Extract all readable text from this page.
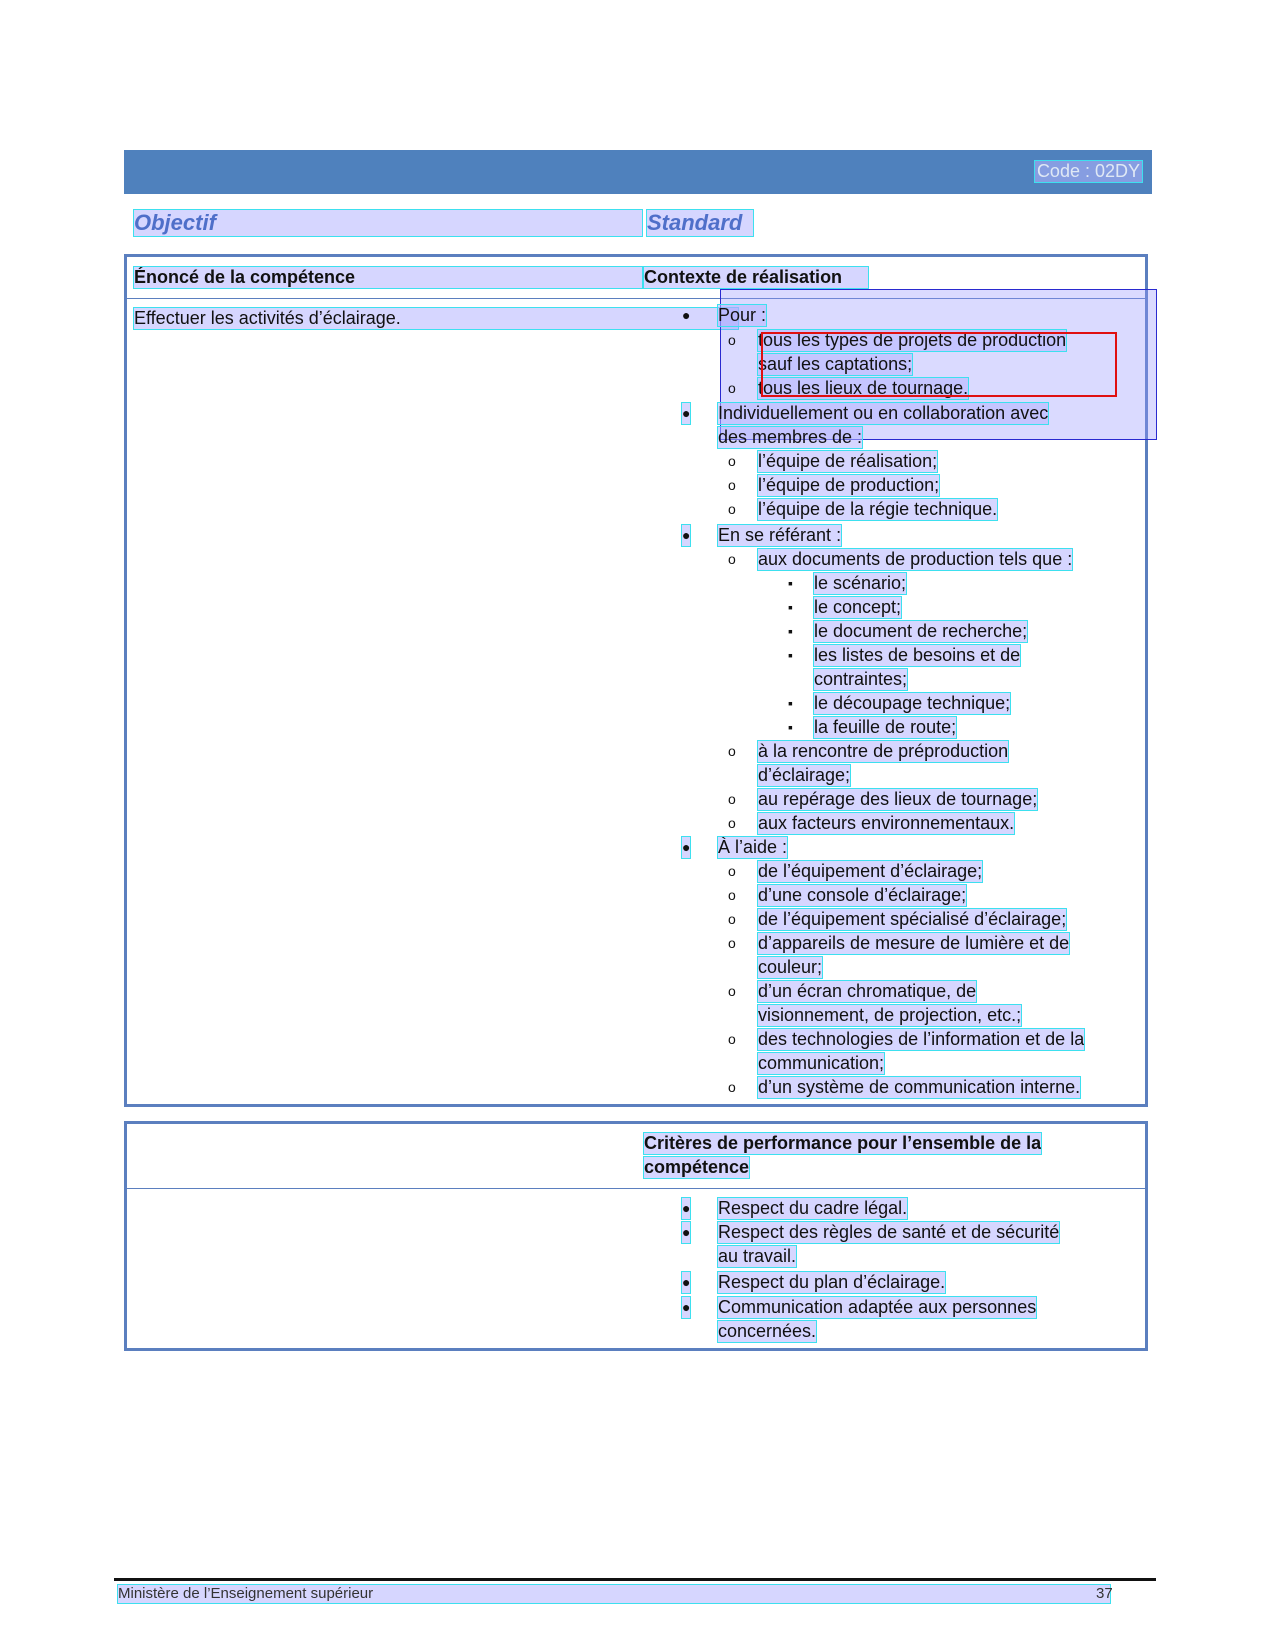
Code : 02DY
Objectif	Standard
Énoncé de la compétence	Contexte de réalisation
Effectuer les activités d’éclairage.	● Pour :
o tous les types de projets de production
sauf les captations;
o tous les lieux de tournage.
● Individuellement ou en collaboration avec
des membres de :
o l’équipe de réalisation;
o l’équipe de production;
o l’équipe de la régie technique.
● En se référant :
o aux documents de production tels que :
▪ le scénario;
▪ le concept;
▪ le document de recherche;
▪ les listes de besoins et de
contraintes;
▪ le découpage technique;
▪ la feuille de route;
o à la rencontre de préproduction
d’éclairage;
o au repérage des lieux de tournage;
o aux facteurs environnementaux.
● À l’aide :
o de l’équipement d’éclairage;
o d’une console d’éclairage;
o de l’équipement spécialisé d’éclairage;
o d’appareils de mesure de lumière et de
couleur;
o d’un écran chromatique, de
visionnement, de projection, etc.;
o des technologies de l’information et de la
communication;
o d’un système de communication interne.
Critères de performance pour l’ensemble de la
compétence
● Respect du cadre légal.
● Respect des règles de santé et de sécurité
au travail.
● Respect du plan d’éclairage.
● Communication adaptée aux personnes
concernées.
Ministère de l’Enseignement supérieur	37
